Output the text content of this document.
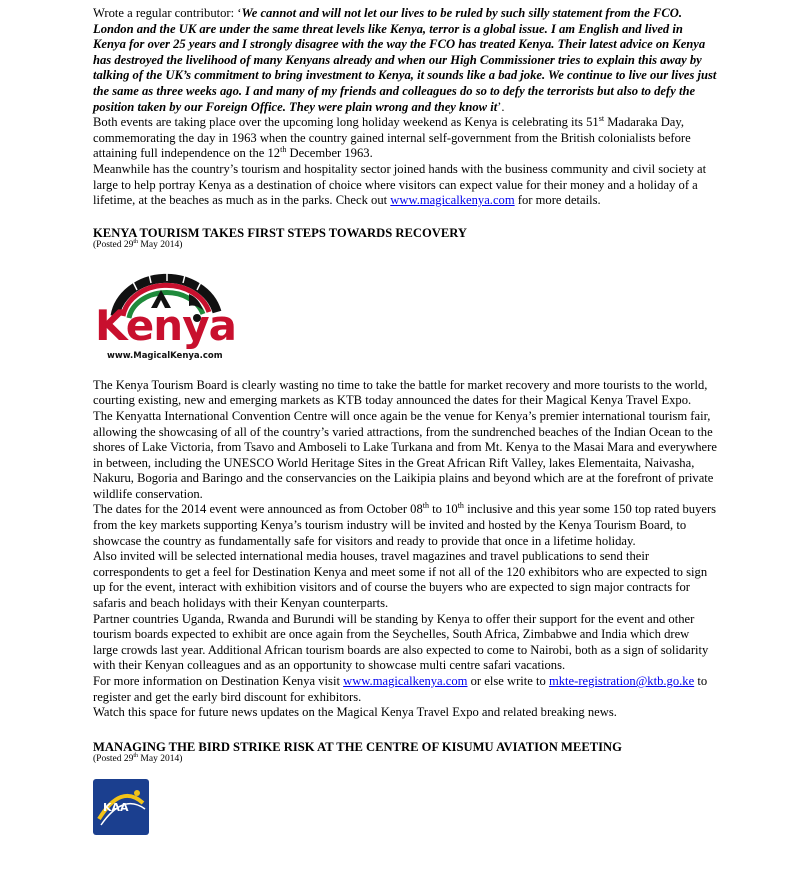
Wrote a regular contributor: ‘We cannot and will not let our lives to be ruled by such silly statement from the FCO. London and the UK are under the same threat levels like Kenya, terror is a global issue. I am English and lived in Kenya for over 25 years and I strongly disagree with the way the FCO has treated Kenya. Their latest advice on Kenya has destroyed the livelihood of many Kenyans already and when our High Commissioner tries to explain this away by talking of the UK’s commitment to bring investment to Kenya, it sounds like a bad joke. We continue to live our lives just the same as three weeks ago. I and many of my friends and colleagues do so to defy the terrorists but also to defy the position taken by our Foreign Office. They were plain wrong and they know it’.

Both events are taking place over the upcoming long holiday weekend as Kenya is celebrating its 51st Madaraka Day, commemorating the day in 1963 when the country gained internal self-government from the British colonialists before attaining full independence on the 12th December 1963.

Meanwhile has the country’s tourism and hospitality sector joined hands with the business community and civil society at large to help portray Kenya as a destination of choice where visitors can expect value for their money and a holiday of a lifetime, at the beaches as much as in the parks. Check out www.magicalkenya.com for more details.

KENYA TOURISM TAKES FIRST STEPS TOWARDS RECOVERY

(Posted 29th May 2014)

Kenya
www.MagicalKenya.com

The Kenya Tourism Board is clearly wasting no time to take the battle for market recovery and more tourists to the world, courting existing, new and emerging markets as KTB today announced the dates for their Magical Kenya Travel Expo.

The Kenyatta International Convention Centre will once again be the venue for Kenya’s premier international tourism fair, allowing the showcasing of all of the country’s varied attractions, from the sundrenched beaches of the Indian Ocean to the shores of Lake Victoria, from Tsavo and Amboseli to Lake Turkana and from Mt. Kenya to the Masai Mara and everywhere in between, including the UNESCO World Heritage Sites in the Great African Rift Valley, lakes Elementaita, Naivasha, Nakuru, Bogoria and Baringo and the conservancies on the Laikipia plains and beyond which are at the forefront of private wildlife conservation.

The dates for the 2014 event were announced as from October 08th to 10th inclusive and this year some 150 top rated buyers from the key markets supporting Kenya’s tourism industry will be invited and hosted by the Kenya Tourism Board, to showcase the country as fundamentally safe for visitors and ready to provide that once in a lifetime holiday.

Also invited will be selected international media houses, travel magazines and travel publications to send their correspondents to get a feel for Destination Kenya and meet some if not all of the 120 exhibitors who are expected to sign up for the event, interact with exhibition visitors and of course the buyers who are expected to sign major contracts for safaris and beach holidays with their Kenyan counterparts.

Partner countries Uganda, Rwanda and Burundi will be standing by Kenya to offer their support for the event and other tourism boards expected to exhibit are once again from the Seychelles, South Africa, Zimbabwe and India which drew large crowds last year. Additional African tourism boards are also expected to come to Nairobi, both as a sign of solidarity with their Kenyan colleagues and as an opportunity to showcase multi centre safari vacations.

For more information on Destination Kenya visit www.magicalkenya.com or else write to mkte-registration@ktb.go.ke to register and get the early bird discount for exhibitors.

Watch this space for future news updates on the Magical Kenya Travel Expo and related breaking news.

MANAGING THE BIRD STRIKE RISK AT THE CENTRE OF KISUMU AVIATION MEETING

(Posted 29th May 2014)

KAA
